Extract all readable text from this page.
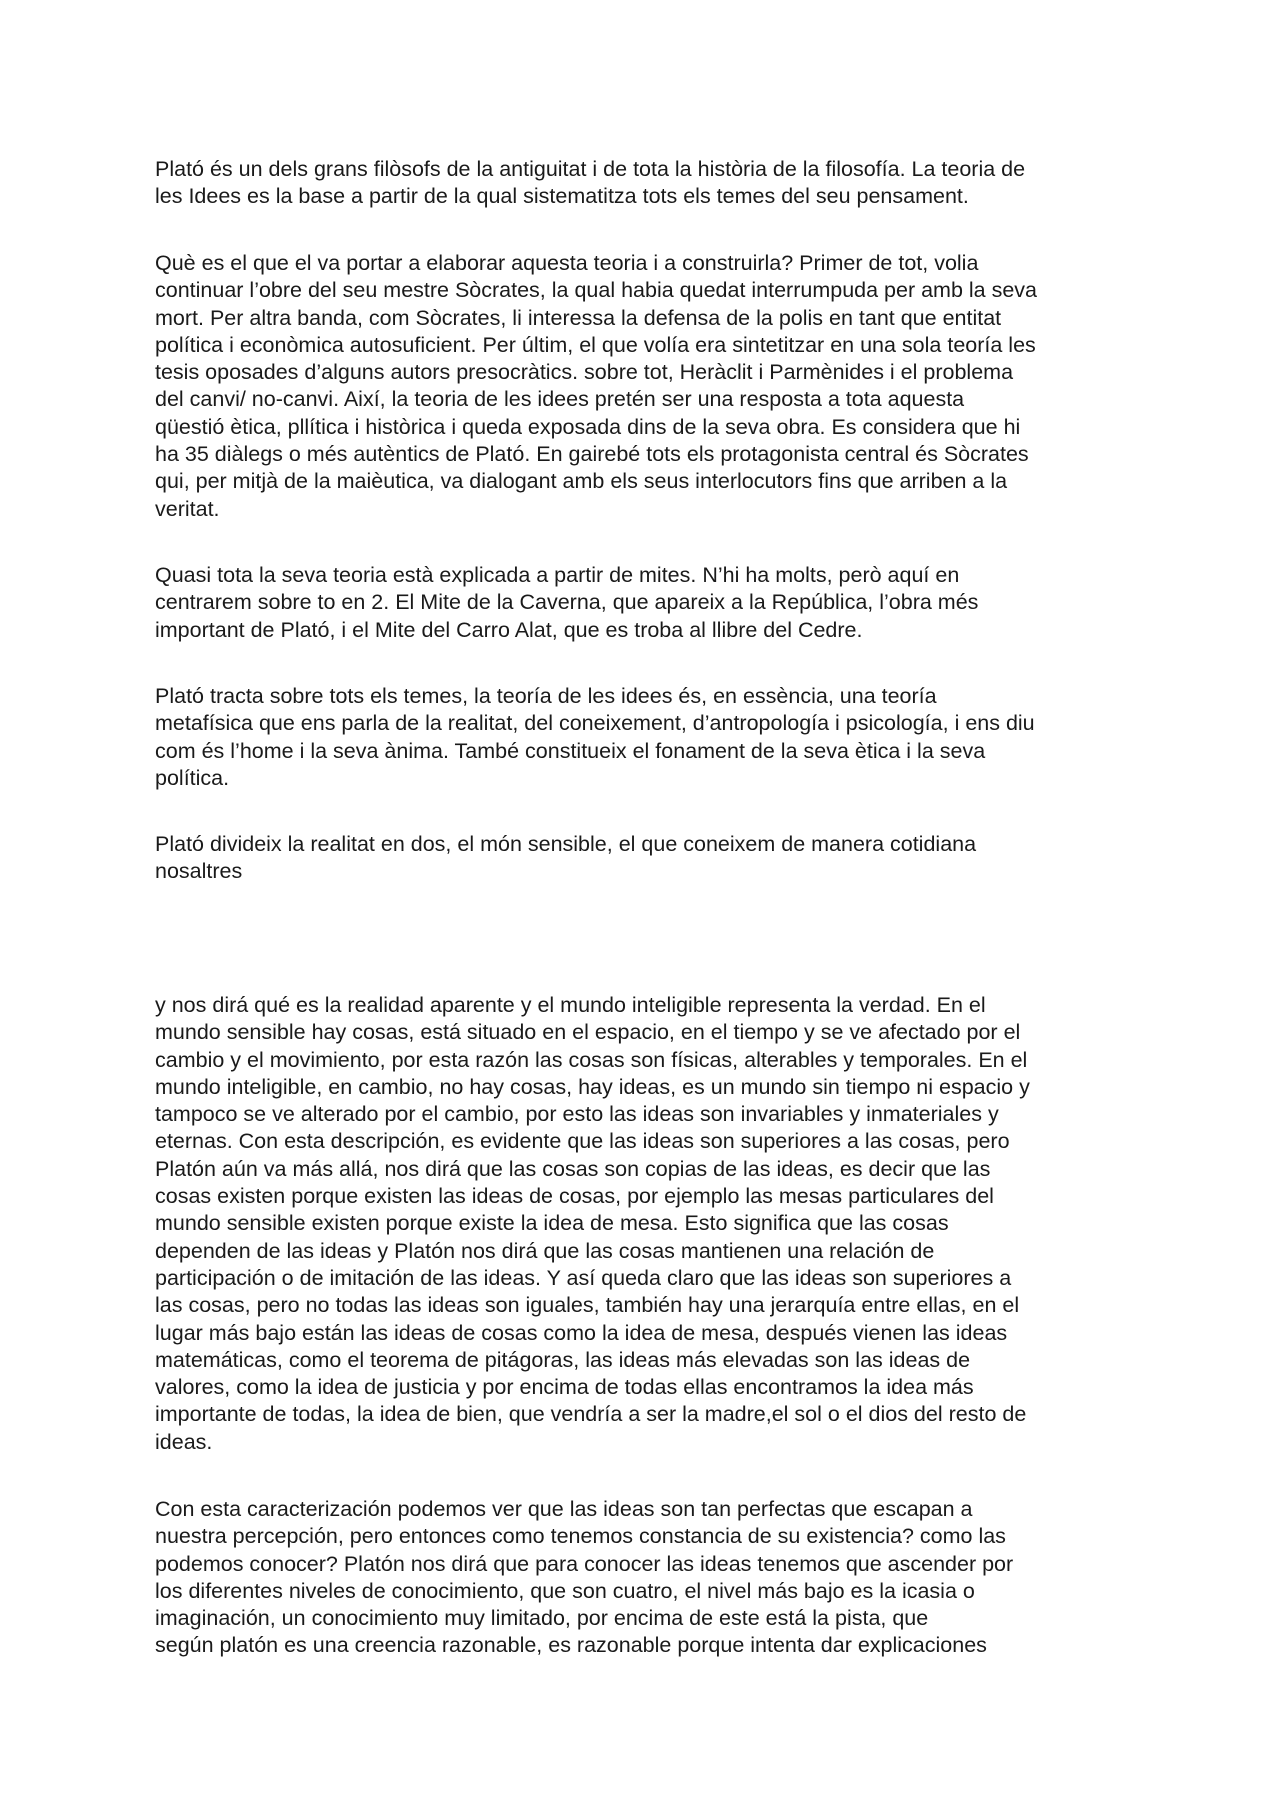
Plató és un dels grans filòsofs de la antiguitat i de tota la història de la filosofía. La teoria de
les Idees es la base a partir de la qual sistematitza tots els temes del seu pensament.

Què es el que el va portar a elaborar aquesta teoria i a construirla? Primer de tot, volia
continuar l’obre del seu mestre Sòcrates, la qual habia quedat interrumpuda per amb la seva
mort. Per altra banda, com Sòcrates, li interessa la defensa de la polis en tant que entitat
política i econòmica autosuficient. Per últim, el que volía era sintetitzar en una sola teoría les
tesis oposades d’alguns autors presocràtics. sobre tot, Heràclit i Parmènides i el problema
del canvi/ no-canvi. Així, la teoria de les idees pretén ser una resposta a tota aquesta
qüestió ètica, pllítica i històrica i queda exposada dins de la seva obra. Es considera que hi
ha 35 diàlegs o més autèntics de Plató. En gairebé tots els protagonista central és Sòcrates
qui, per mitjà de la maièutica, va dialogant amb els seus interlocutors fins que arriben a la
veritat.

Quasi tota la seva teoria està explicada a partir de mites. N’hi ha molts, però aquí en
centrarem sobre to en 2. El Mite de la Caverna, que apareix a la República, l’obra més
important de Plató, i el Mite del Carro Alat, que es troba al llibre del Cedre.

Plató tracta sobre tots els temes, la teoría de les idees és, en essència, una teoría
metafísica que ens parla de la realitat, del coneixement, d’antropología i psicología, i ens diu
com és l’home i la seva ànima. També constitueix el fonament de la seva ètica i la seva
política.

Plató divideix la realitat en dos, el món sensible, el que coneixem de manera cotidiana
nosaltres

y nos dirá qué es la realidad aparente y el mundo inteligible representa la verdad. En el
mundo sensible hay cosas, está situado en el espacio, en el tiempo y se ve afectado por el
cambio y el movimiento, por esta razón las cosas son físicas, alterables y temporales. En el
mundo inteligible, en cambio, no hay cosas, hay ideas, es un mundo sin tiempo ni espacio y
tampoco se ve alterado por el cambio, por esto las ideas son invariables y inmateriales y
eternas. Con esta descripción, es evidente que las ideas son superiores a las cosas, pero
Platón aún va más allá, nos dirá que las cosas son copias de las ideas, es decir que las
cosas existen porque existen las ideas de cosas, por ejemplo las mesas particulares del
mundo sensible existen porque existe la idea de mesa. Esto significa que las cosas
dependen de las ideas y Platón nos dirá que las cosas mantienen una relación de
participación o de imitación de las ideas. Y así queda claro que las ideas son superiores a
las cosas, pero no todas las ideas son iguales, también hay una jerarquía entre ellas, en el
lugar más bajo están las ideas de cosas como la idea de mesa, después vienen las ideas
matemáticas, como el teorema de pitágoras, las ideas más elevadas son las ideas de
valores, como la idea de justicia y por encima de todas ellas encontramos la idea más
importante de todas, la idea de bien, que vendría a ser la madre,el sol o el dios del resto de
ideas.

Con esta caracterización podemos ver que las ideas son tan perfectas que escapan a
nuestra percepción, pero entonces como tenemos constancia de su existencia? como las
podemos conocer? Platón nos dirá que para conocer las ideas tenemos que ascender por
los diferentes niveles de conocimiento, que son cuatro, el nivel más bajo es la icasia o
imaginación, un conocimiento muy limitado, por encima de este está la pista, que
según platón es una creencia razonable, es razonable porque intenta dar explicaciones
